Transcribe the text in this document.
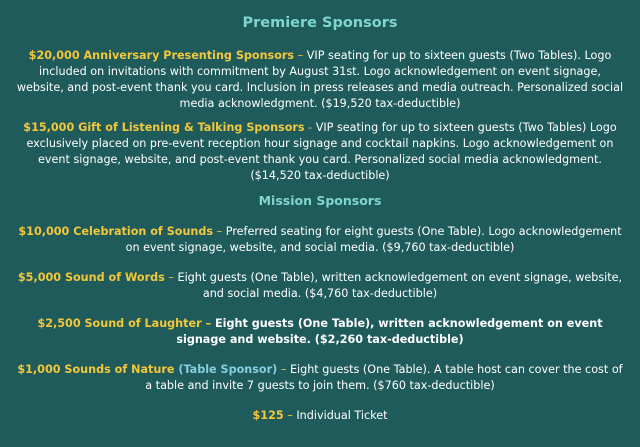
Premiere Sponsors

$20,000 Anniversary Presenting Sponsors – VIP seating for up to sixteen guests (Two Tables). Logo included on invitations with commitment by August 31st. Logo acknowledgement on event signage, website, and post-event thank you card. Inclusion in press releases and media outreach. Personalized social media acknowledgment. ($19,520 tax-deductible)

$15,000 Gift of Listening & Talking Sponsors - VIP seating for up to sixteen guests (Two Tables) Logo exclusively placed on pre-event reception hour signage and cocktail napkins. Logo acknowledgement on event signage, website, and post-event thank you card. Personalized social media acknowledgment. ($14,520 tax-deductible)

Mission Sponsors

$10,000 Celebration of Sounds – Preferred seating for eight guests (One Table). Logo acknowledgement on event signage, website, and social media. ($9,760 tax-deductible)

$5,000 Sound of Words – Eight guests (One Table), written acknowledgement on event signage, website, and social media. ($4,760 tax-deductible)

$2,500 Sound of Laughter – Eight guests (One Table), written acknowledgement on event signage and website. ($2,260 tax-deductible)

$1,000 Sounds of Nature (Table Sponsor) – Eight guests (One Table). A table host can cover the cost of a table and invite 7 guests to join them. ($760 tax-deductible)

$125 – Individual Ticket
